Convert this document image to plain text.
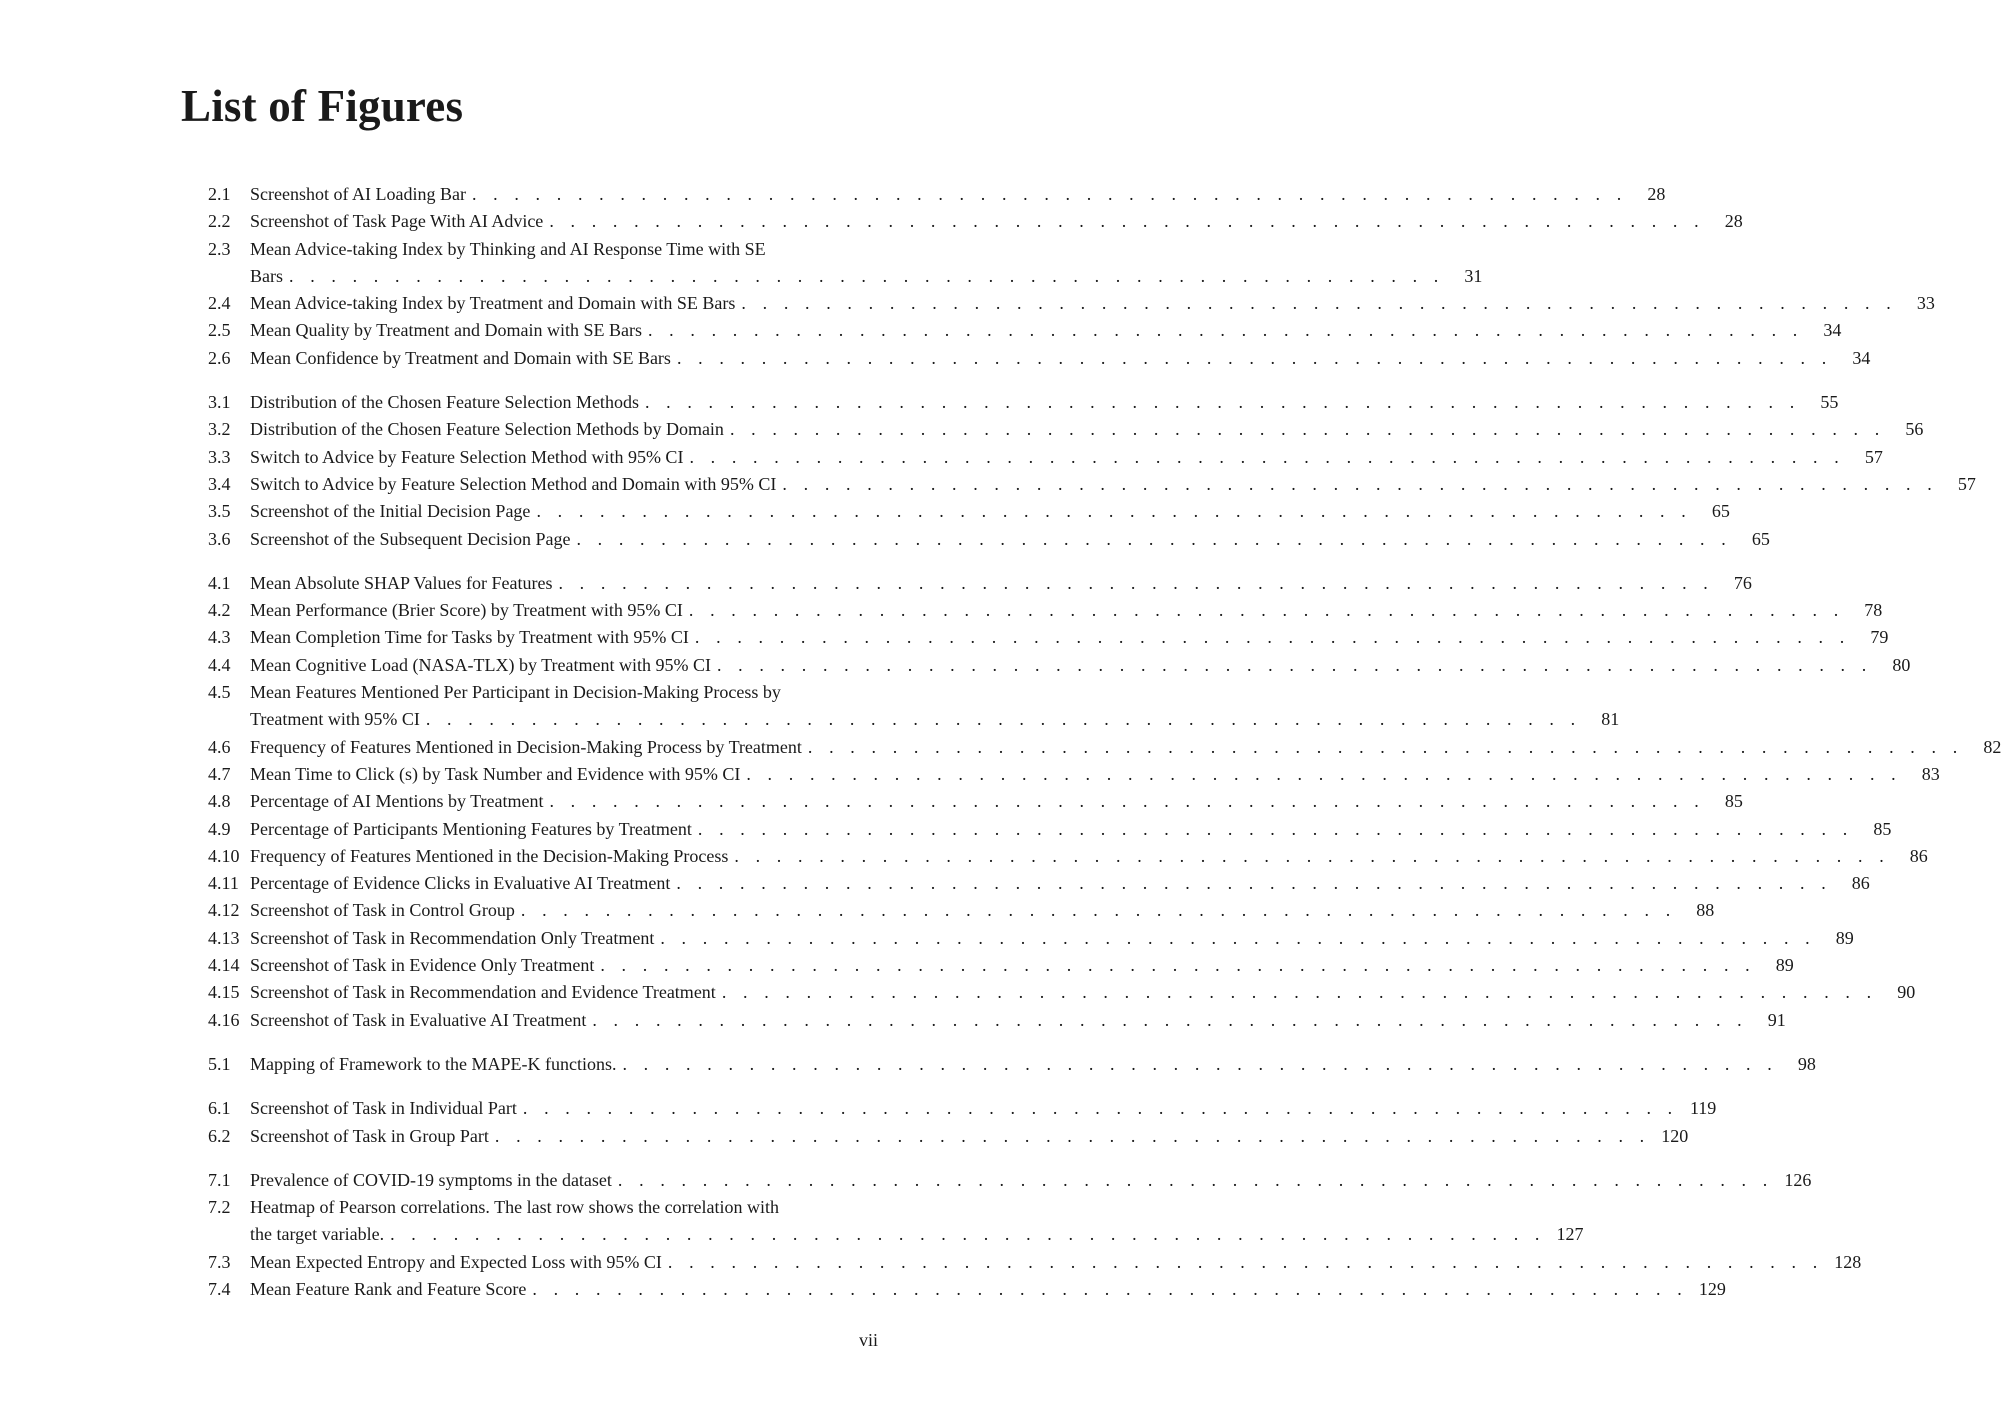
List of Figures
2.1	Screenshot of AI Loading Bar . . .	28
2.2	Screenshot of Task Page With AI Advice . . .	28
2.3	Mean Advice-taking Index by Thinking and AI Response Time with SE
Bars . . .	31
2.4	Mean Advice-taking Index by Treatment and Domain with SE Bars . . .	33
2.5	Mean Quality by Treatment and Domain with SE Bars . . .	34
2.6	Mean Confidence by Treatment and Domain with SE Bars . . .	34
3.1	Distribution of the Chosen Feature Selection Methods . . .	55
3.2	Distribution of the Chosen Feature Selection Methods by Domain . . .	56
3.3	Switch to Advice by Feature Selection Method with 95% CI . . .	57
3.4	Switch to Advice by Feature Selection Method and Domain with 95% CI . . .	57
3.5	Screenshot of the Initial Decision Page . . .	65
3.6	Screenshot of the Subsequent Decision Page . . .	65
4.1	Mean Absolute SHAP Values for Features . . .	76
4.2	Mean Performance (Brier Score) by Treatment with 95% CI . . .	78
4.3	Mean Completion Time for Tasks by Treatment with 95% CI . . .	79
4.4	Mean Cognitive Load (NASA-TLX) by Treatment with 95% CI . . .	80
4.5	Mean Features Mentioned Per Participant in Decision-Making Process by
Treatment with 95% CI . . .	81
4.6	Frequency of Features Mentioned in Decision-Making Process by Treatment . . .	82
4.7	Mean Time to Click (s) by Task Number and Evidence with 95% CI . . .	83
4.8	Percentage of AI Mentions by Treatment . . .	85
4.9	Percentage of Participants Mentioning Features by Treatment . . .	85
4.10 Frequency of Features Mentioned in the Decision-Making Process . . .	86
4.11 Percentage of Evidence Clicks in Evaluative AI Treatment . . .	86
4.12 Screenshot of Task in Control Group . . .	88
4.13 Screenshot of Task in Recommendation Only Treatment . . .	89
4.14 Screenshot of Task in Evidence Only Treatment . . .	89
4.15 Screenshot of Task in Recommendation and Evidence Treatment . . .	90
4.16 Screenshot of Task in Evaluative AI Treatment . . .	91
5.1	Mapping of Framework to the MAPE-K functions. . . .	98
6.1	Screenshot of Task in Individual Part . . .	119
6.2	Screenshot of Task in Group Part . . .	120
7.1	Prevalence of COVID-19 symptoms in the dataset . . .	126
7.2	Heatmap of Pearson correlations. The last row shows the correlation with
the target variable. . . .	127
7.3	Mean Expected Entropy and Expected Loss with 95% CI . . .	128
7.4	Mean Feature Rank and Feature Score . . .	129
vii
